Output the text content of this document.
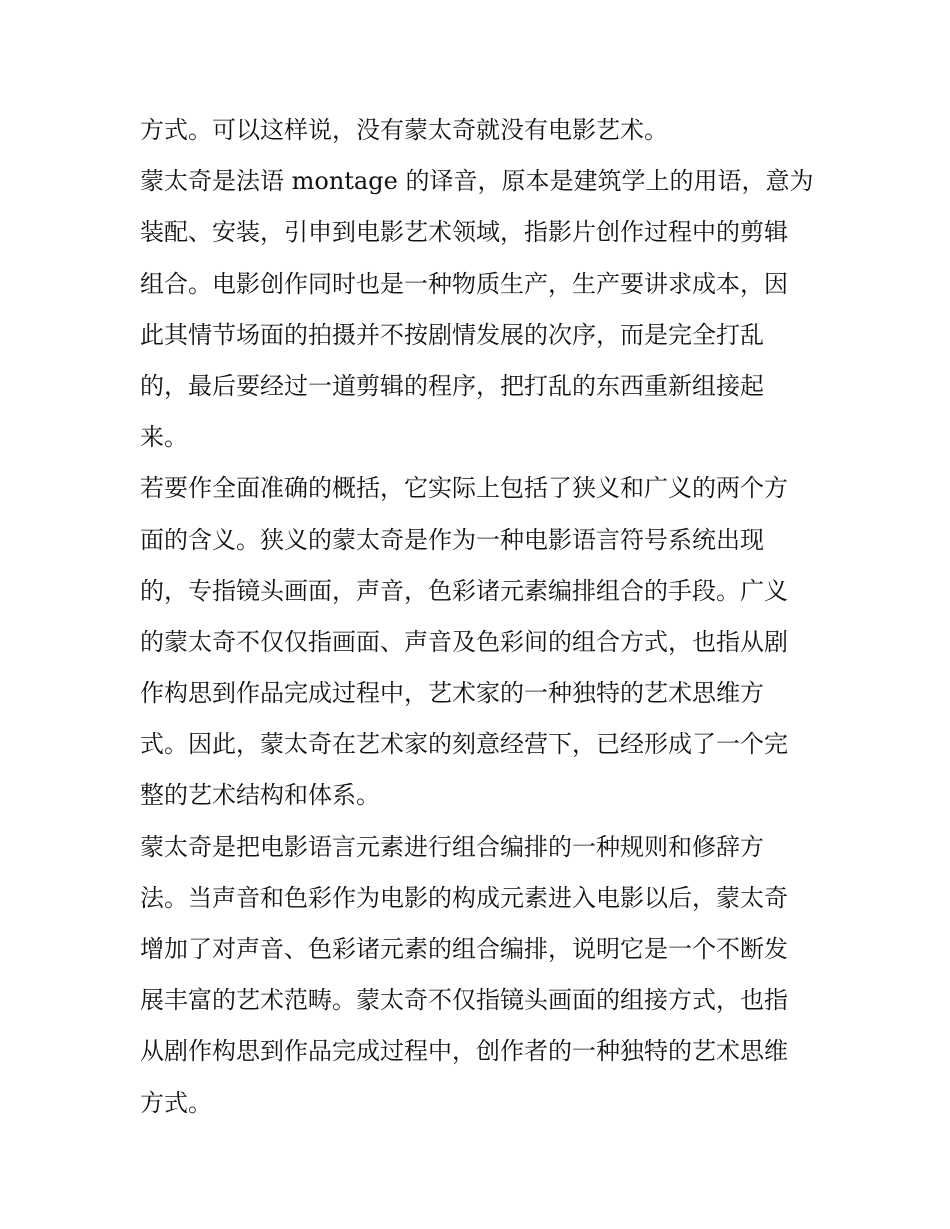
方式。可以这样说，没有蒙太奇就没有电影艺术。

蒙太奇是法语 montage 的译音，原本是建筑学上的用语，意为
装配、安装，引申到电影艺术领域，指影片创作过程中的剪辑
组合。电影创作同时也是一种物质生产，生产要讲求成本，因
此其情节场面的拍摄并不按剧情发展的次序，而是完全打乱
的，最后要经过一道剪辑的程序，把打乱的东西重新组接起
来。

若要作全面准确的概括，它实际上包括了狭义和广义的两个方
面的含义。狭义的蒙太奇是作为一种电影语言符号系统出现
的，专指镜头画面，声音，色彩诸元素编排组合的手段。广义
的蒙太奇不仅仅指画面、声音及色彩间的组合方式，也指从剧
作构思到作品完成过程中，艺术家的一种独特的艺术思维方
式。因此，蒙太奇在艺术家的刻意经营下，已经形成了一个完
整的艺术结构和体系。

蒙太奇是把电影语言元素进行组合编排的一种规则和修辞方
法。当声音和色彩作为电影的构成元素进入电影以后，蒙太奇
增加了对声音、色彩诸元素的组合编排，说明它是一个不断发
展丰富的艺术范畴。蒙太奇不仅指镜头画面的组接方式，也指
从剧作构思到作品完成过程中，创作者的一种独特的艺术思维
方式。
